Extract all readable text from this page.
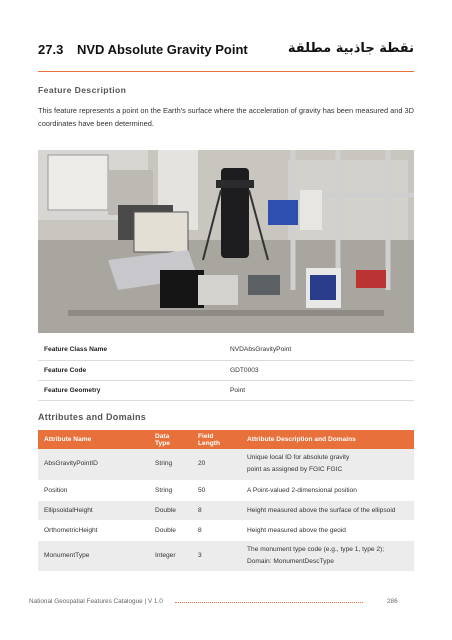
27.3 NVD Absolute Gravity Point	نقطة جاذبية مطلقة
Feature Description

This feature represents a point on the Earth's surface where the acceleration of gravity has been measured and 3D coordinates have been determined.

Feature Class Name	NVDAbsGravityPoint
Feature Code	GDT0003
Feature Geometry	Point
Attributes and Domains
Attribute Name	Data Type	Field Length	Attribute Description and Domains
AbsGravityPointID	String	20	Unique local ID for absolute gravity
point as assigned by FGIC FGIC
Position	String	50	A Point-valued 2-dimensional position
EllipsoidalHeight	Double	8	Height measured above the surface of the ellipsoid
OrthometricHeight	Double	8	Height measured above the geoid
MonumentType	Integer	3	The monument type code (e.g., type 1, type 2);
Domain: MonumentDescType
National Geospatial Features Catalogue | V 1.0	286
